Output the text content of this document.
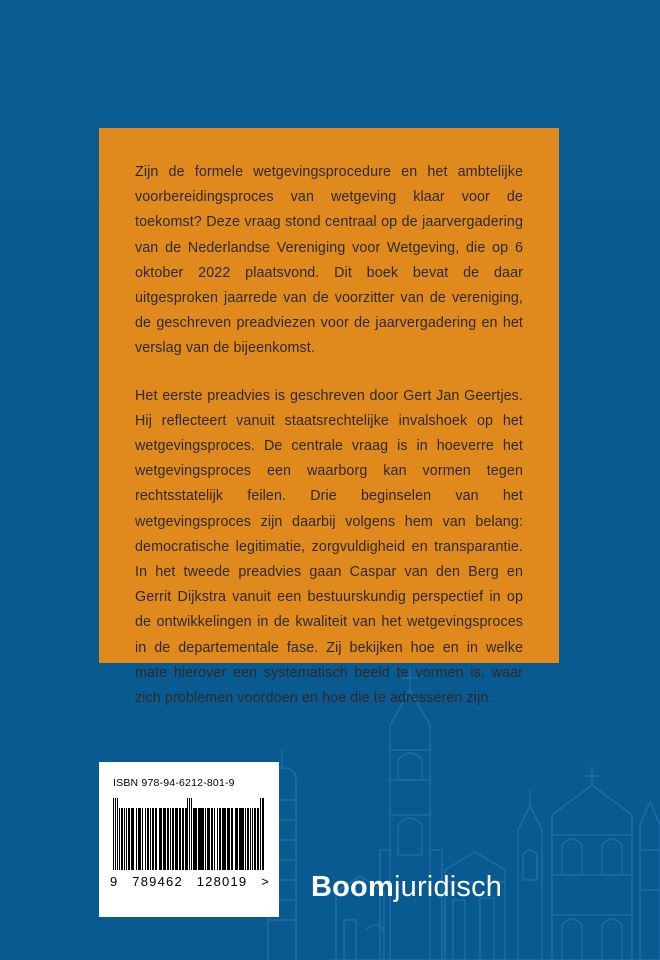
Zijn de formele wetgevingsprocedure en het ambtelijke voorbereidingsproces van wetgeving klaar voor de toekomst? Deze vraag stond centraal op de jaarvergadering van de Nederlandse Vereniging voor Wetgeving, die op 6 oktober 2022 plaatsvond. Dit boek bevat de daar uitgesproken jaarrede van de voorzitter van de vereniging, de geschreven preadviezen voor de jaarvergadering en het verslag van de bijeenkomst.

Het eerste preadvies is geschreven door Gert Jan Geertjes. Hij reflecteert vanuit staatsrechtelijke invalshoek op het wetgevingsproces. De centrale vraag is in hoeverre het wetgevingsproces een waarborg kan vormen tegen rechtsstatelijk feilen. Drie beginselen van het wetgevingsproces zijn daarbij volgens hem van belang: democratische legitimatie, zorgvuldigheid en transparantie. In het tweede preadvies gaan Caspar van den Berg en Gerrit Dijkstra vanuit een bestuurskundig perspectief in op de ontwikkelingen in de kwaliteit van het wetgevingsproces in de departementale fase. Zij bekijken hoe en in welke mate hierover een systematisch beeld te vormen is, waar zich problemen voordoen en hoe die te adresseren zijn.

ISBN 978-94-6212-801-9
9 789462 128019 > Boomjuridisch
